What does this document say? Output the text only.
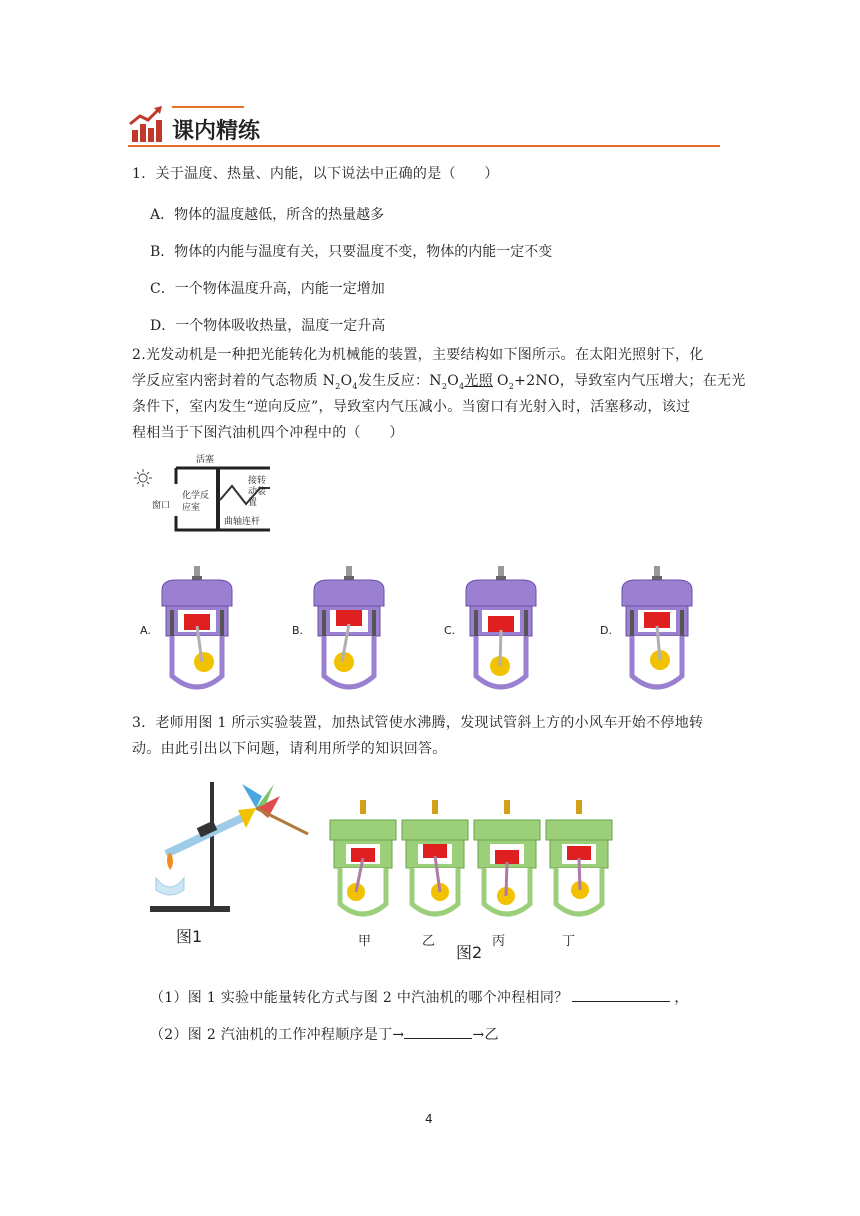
课内精练
1．关于温度、热量、内能，以下说法中正确的是（　　）
A．物体的温度越低，所含的热量越多
B．物体的内能与温度有关，只要温度不变，物体的内能一定不变
C．一个物体温度升高，内能一定增加
D．一个物体吸收热量，温度一定升高
2.光发动机是一种把光能转化为机械能的装置，主要结构如下图所示。在太阳光照射下，化
学反应室内密封着的气态物质 $N_2O_4$发生反应：$N_2O_4$光照 $O_2+2NO$，导致室内气压增大；在无光
条件下，室内发生“逆向反应”，导致室内气压减小。当窗口有光射入时，活塞移动，该过
程相当于下图汽油机四个冲程中的（　　）
活塞
窗口
化学反应室
曲轴连杆
接转动装置
A.	B.	C.	D.
3．老师用图 1 所示实验装置，加热试管使水沸腾，发现试管斜上方的小风车开始不停地转
动。由此引出以下问题，请利用所学的知识回答。
图1	甲	乙	丙	丁
图2
（1）图 1 实验中能量转化方式与图 2 中汽油机的哪个冲程相同？	，
（2）图 2 汽油机的工作冲程顺序是丁→	→乙
4
